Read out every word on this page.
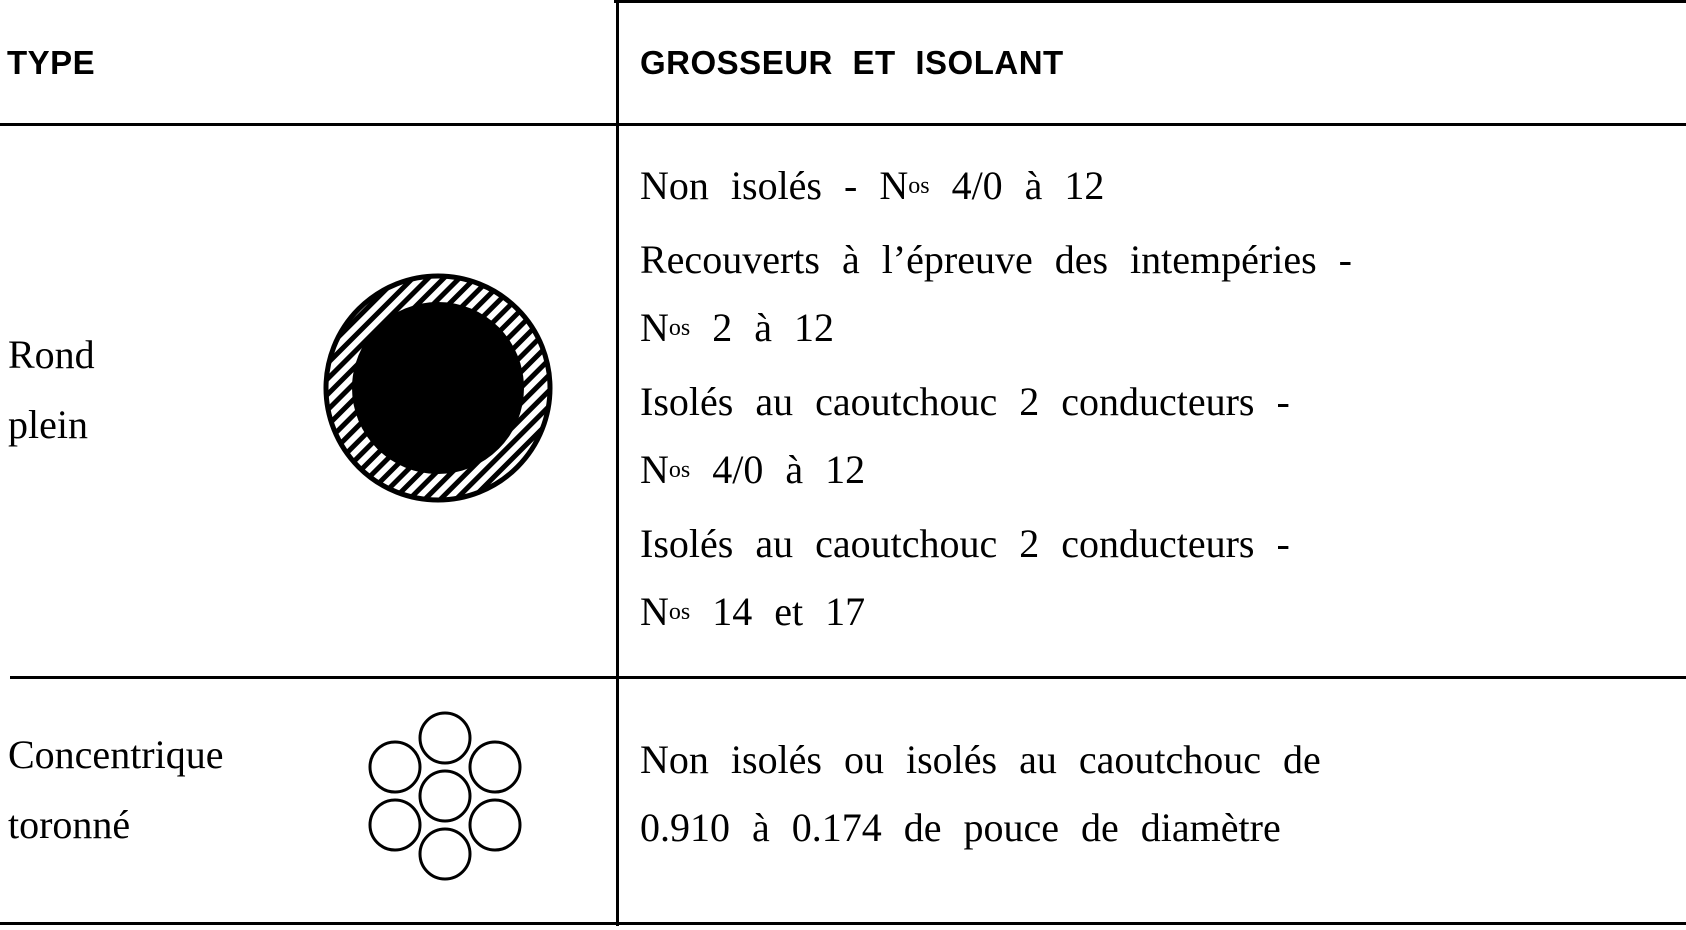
TYPE	GROSSEUR ET ISOLANT
Rond
plein
Non isolés - $N^{os}$ 4/0 à 12
Recouverts à l’épreuve des intempéries -
$N^{os}$ 2 à 12
Isolés au caoutchouc 2 conducteurs -
$N^{os}$ 4/0 à 12
Isolés au caoutchouc 2 conducteurs -
$N^{os}$ 14 et 17
Concentrique
toronné
Non isolés ou isolés au caoutchouc de
0.910 à 0.174 de pouce de diamètre
